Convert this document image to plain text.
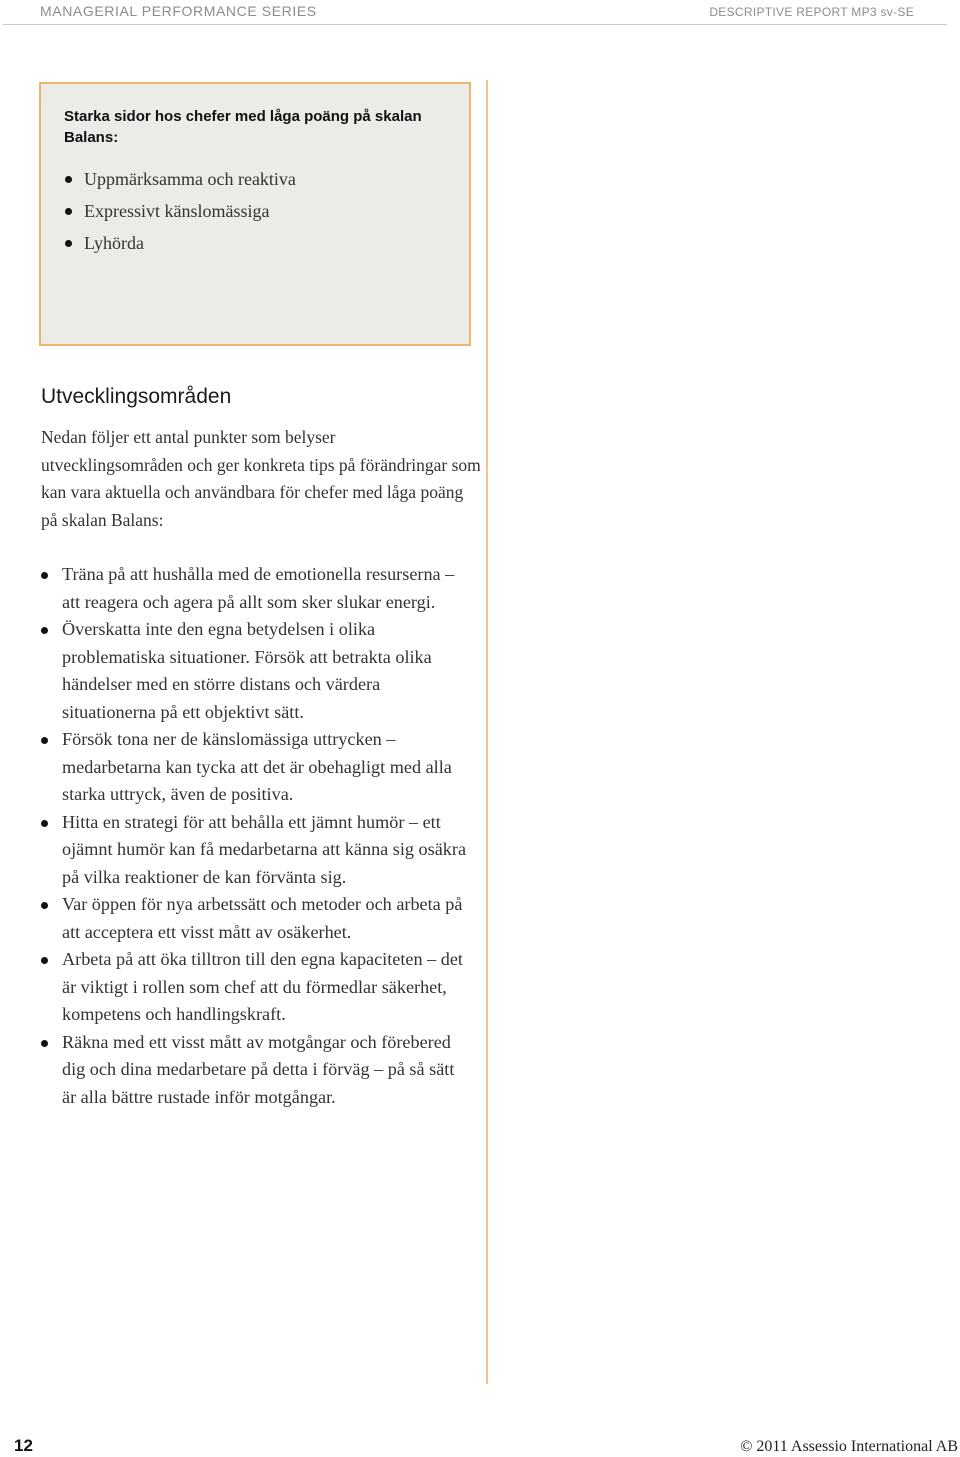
MANAGERIAL PERFORMANCE SERIES	DESCRIPTIVE REPORT MP3 sv-SE
Starka sidor hos chefer med låga poäng på skalan Balans:
Uppmärksamma och reaktiva
Expressivt känslomässiga
Lyhörda
Utvecklingsområden

Nedan följer ett antal punkter som belyser utvecklingsområden och ger konkreta tips på förändringar som kan vara aktuella och användbara för chefer med låga poäng på skalan Balans:

Träna på att hushålla med de emotionella resurserna – att reagera och agera på allt som sker slukar energi.
Överskatta inte den egna betydelsen i olika problematiska situationer. Försök att betrakta olika händelser med en större distans och värdera situationerna på ett objektivt sätt.
Försök tona ner de känslomässiga uttrycken – medarbetarna kan tycka att det är obehagligt med alla starka uttryck, även de positiva.
Hitta en strategi för att behålla ett jämnt humör – ett ojämnt humör kan få medarbetarna att känna sig osäkra på vilka reaktioner de kan förvänta sig.
Var öppen för nya arbetssätt och metoder och arbeta på att acceptera ett visst mått av osäkerhet.
Arbeta på att öka tilltron till den egna kapaciteten – det är viktigt i rollen som chef att du förmedlar säkerhet, kompetens och handlingskraft.
Räkna med ett visst mått av motgångar och förebered dig och dina medarbetare på detta i förväg – på så sätt är alla bättre rustade inför motgångar.
12	© 2011 Assessio International AB
